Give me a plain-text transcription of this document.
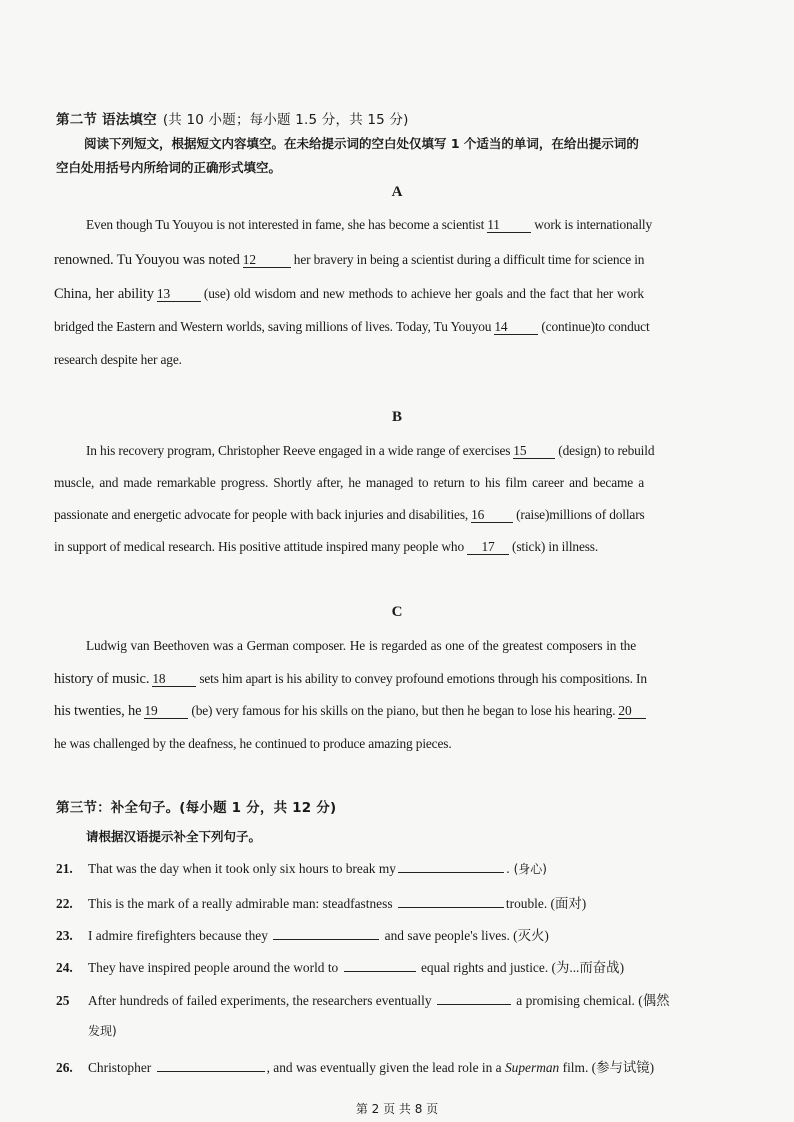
第二节 语法填空 (共 10 小题；每小题 1.5 分，共 15 分)
阅读下列短文，根据短文内容填空。在未给提示词的空白处仅填写 1 个适当的单词，在给出提示词的
空白处用括号内所给词的正确形式填空。
A
Even though Tu Youyou is not interested in fame, she has become a scientist 11	work is internationally
renowned. Tu Youyou was noted 12	her bravery in being a scientist during a difficult time for science in
China, her ability 13	(use) old wisdom and new methods to achieve her goals and the fact that her work
bridged the Eastern and Western worlds, saving millions of lives. Today, Tu Youyou 14	(continue)to conduct
research despite her age.
B
In his recovery program, Christopher Reeve engaged in a wide range of exercises 15 (design) to rebuild
muscle, and made remarkable progress. Shortly after, he managed to return to his film career and became a
passionate and energetic advocate for people with back injuries and disabilities, 16 (raise)millions of dollars
in support of medical research. His positive attitude inspired many people who 17 (stick) in illness.
C
Ludwig van Beethoven was a German composer. He is regarded as one of the greatest composers in the
history of music. 18	sets him apart is his ability to convey profound emotions through his compositions. In
his twenties, he 19	(be) very famous for his skills on the piano, but then he began to lose his hearing. 20
he was challenged by the deafness, he continued to produce amazing pieces.
第三节：补全句子。(每小题 1 分，共 12 分)
请根据汉语提示补全下列句子。
21. That was the day when it took only six hours to break my	. (身心)
22. This is the mark of a really admirable man: steadfastness	trouble. (面对)
23. I admire firefighters because they	and save people's lives. (灭火)
24. They have inspired people around the world to	equal rights and justice. (为...而奋战)
25 After hundreds of failed experiments, the researchers eventually	a promising chemical. (偶然
发现)
26. Christopher	, and was eventually given the lead role in a Superman film. (参与试镜)
第 2 页 共 8 页
